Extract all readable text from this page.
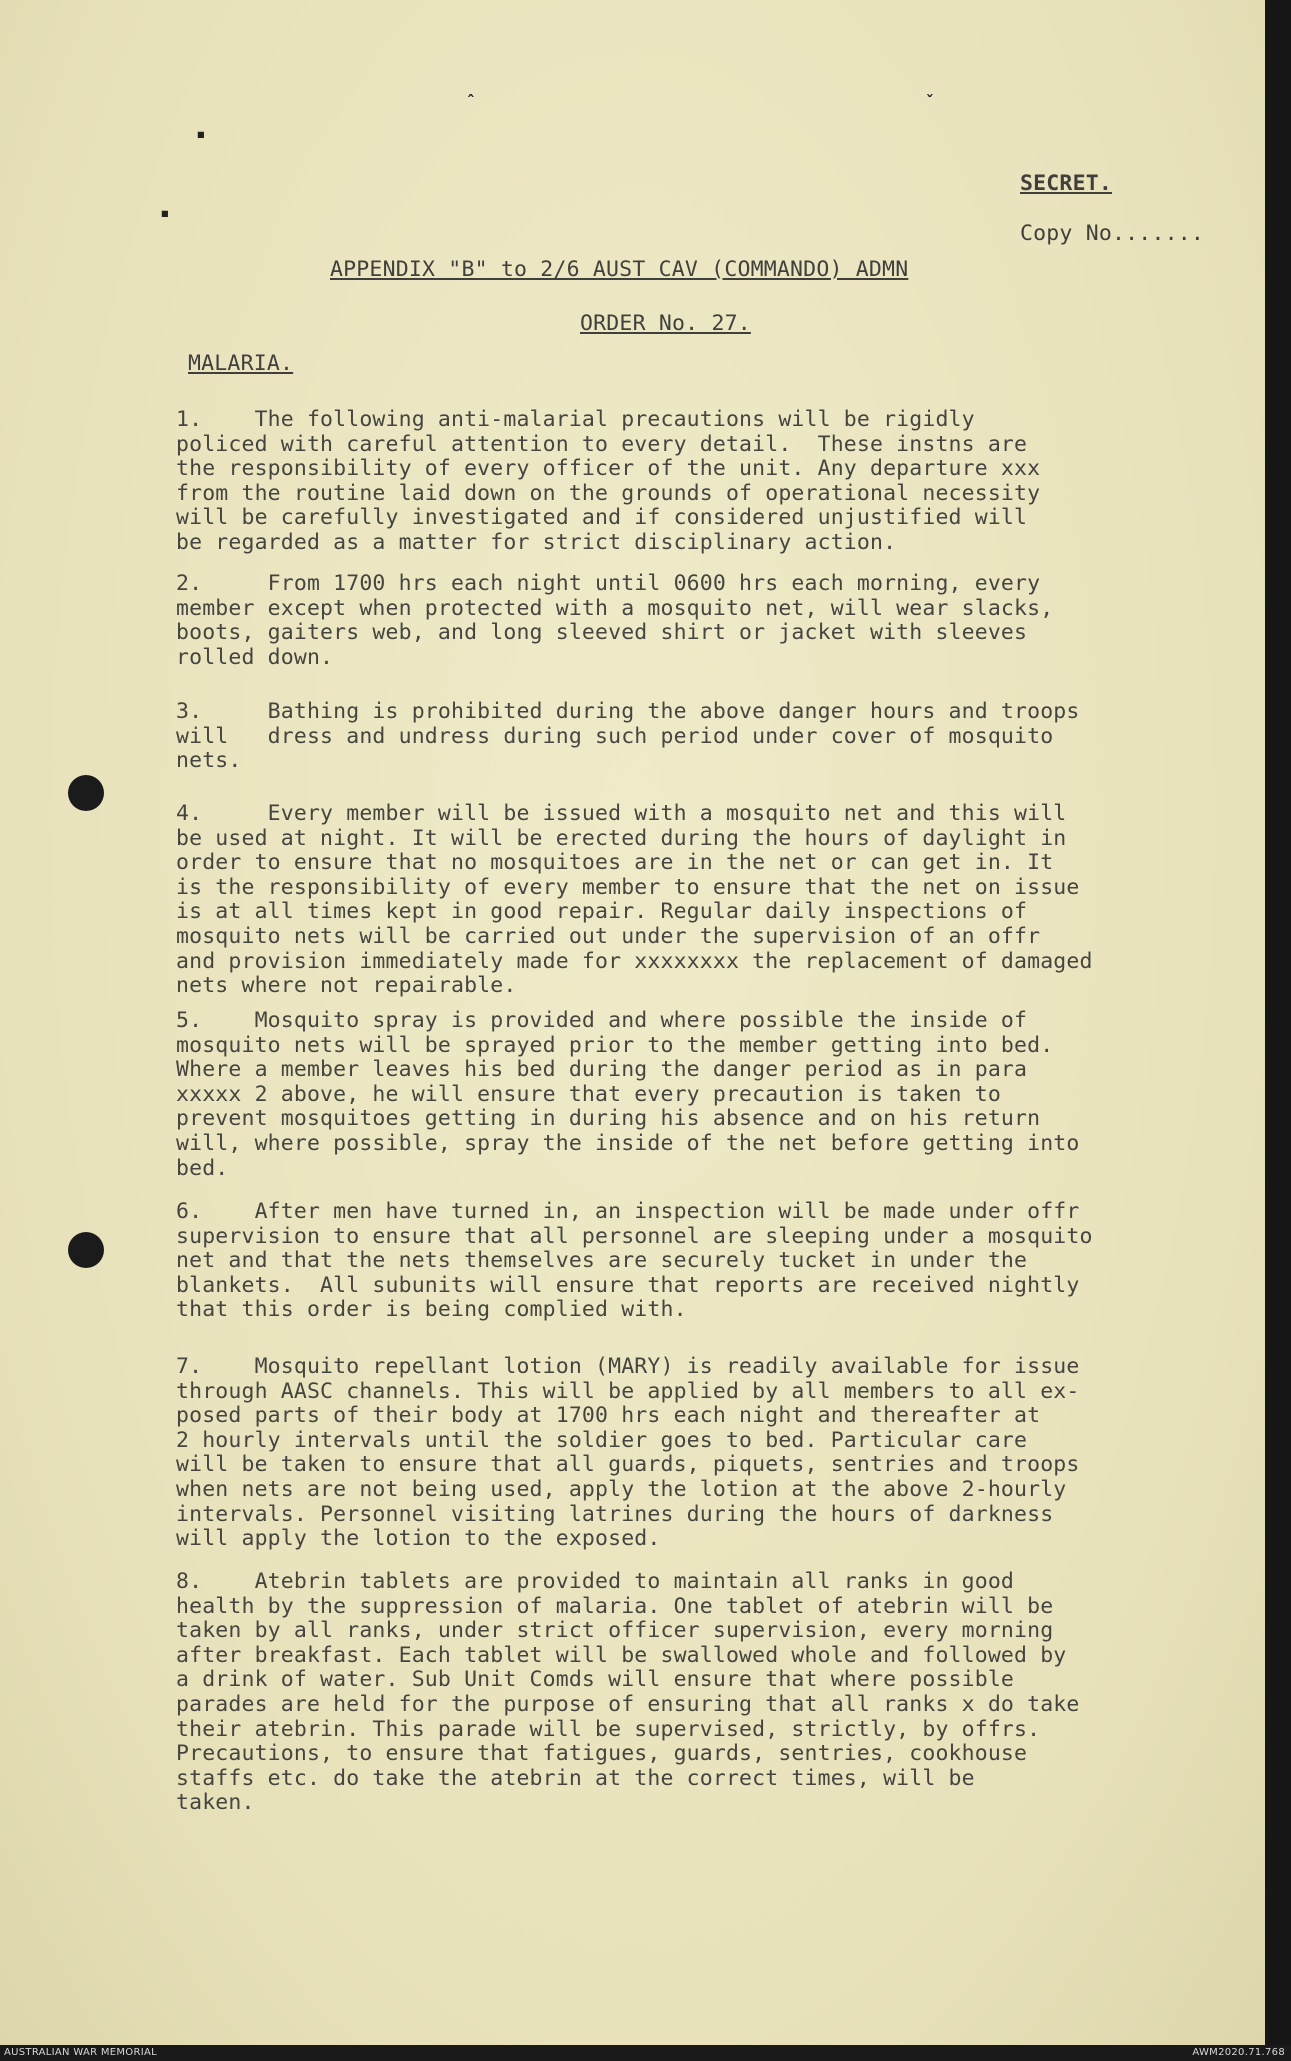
ˆ	ˇ
▪
▪
SECRET.
Copy No.......
APPENDIX "B" to 2/6 AUST CAV (COMMANDO) ADMN
ORDER No. 27.
MALARIA.
1.    The following anti-malarial precautions will be rigidly
policed with careful attention to every detail.  These instns are
the responsibility of every officer of the unit. Any departure xxx
from the routine laid down on the grounds of operational necessity
will be carefully investigated and if considered unjustified will
be regarded as a matter for strict disciplinary action.
2.     From 1700 hrs each night until 0600 hrs each morning, every
member except when protected with a mosquito net, will wear slacks,
boots, gaiters web, and long sleeved shirt or jacket with sleeves
rolled down.
3.     Bathing is prohibited during the above danger hours and troops
will   dress and undress during such period under cover of mosquito
nets.
4.     Every member will be issued with a mosquito net and this will
be used at night. It will be erected during the hours of daylight in
order to ensure that no mosquitoes are in the net or can get in. It
is the responsibility of every member to ensure that the net on issue
is at all times kept in good repair. Regular daily inspections of
mosquito nets will be carried out under the supervision of an offr
and provision immediately made for xxxxxxxx the replacement of damaged
nets where not repairable.
5.    Mosquito spray is provided and where possible the inside of
mosquito nets will be sprayed prior to the member getting into bed.
Where a member leaves his bed during the danger period as in para
xxxxx 2 above, he will ensure that every precaution is taken to
prevent mosquitoes getting in during his absence and on his return
will, where possible, spray the inside of the net before getting into
bed.
6.    After men have turned in, an inspection will be made under offr
supervision to ensure that all personnel are sleeping under a mosquito
net and that the nets themselves are securely tucket in under the
blankets.  All subunits will ensure that reports are received nightly
that this order is being complied with.
7.    Mosquito repellant lotion (MARY) is readily available for issue
through AASC channels. This will be applied by all members to all ex-
posed parts of their body at 1700 hrs each night and thereafter at
2 hourly intervals until the soldier goes to bed. Particular care
will be taken to ensure that all guards, piquets, sentries and troops
when nets are not being used, apply the lotion at the above 2-hourly
intervals. Personnel visiting latrines during the hours of darkness
will apply the lotion to the exposed.
8.    Atebrin tablets are provided to maintain all ranks in good
health by the suppression of malaria. One tablet of atebrin will be
taken by all ranks, under strict officer supervision, every morning
after breakfast. Each tablet will be swallowed whole and followed by
a drink of water. Sub Unit Comds will ensure that where possible
parades are held for the purpose of ensuring that all ranks x do take
their atebrin. This parade will be supervised, strictly, by offrs.
Precautions, to ensure that fatigues, guards, sentries, cookhouse
staffs etc. do take the atebrin at the correct times, will be
taken.
AUSTRALIAN WAR MEMORIAL	AWM2020.71.768
